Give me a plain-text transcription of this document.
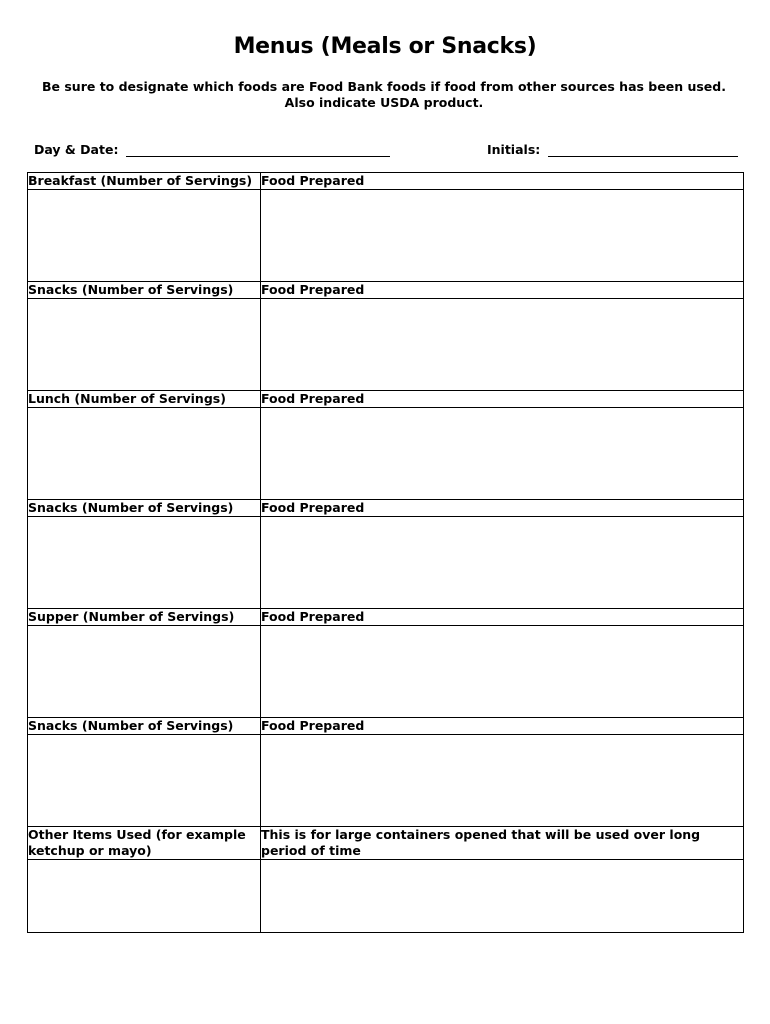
Menus (Meals or Snacks)
Be sure to designate which foods are Food Bank foods if food from other sources has been used. Also indicate USDA product.
Day & Date:	Initials:
Breakfast (Number of Servings)	Food Prepared

Snacks (Number of Servings)	Food Prepared

Lunch (Number of Servings)	Food Prepared

Snacks (Number of Servings)	Food Prepared

Supper (Number of Servings)	Food Prepared

Snacks (Number of Servings)	Food Prepared

Other Items Used (for example ketchup or mayo)	This is for large containers opened that will be used over long period of time
